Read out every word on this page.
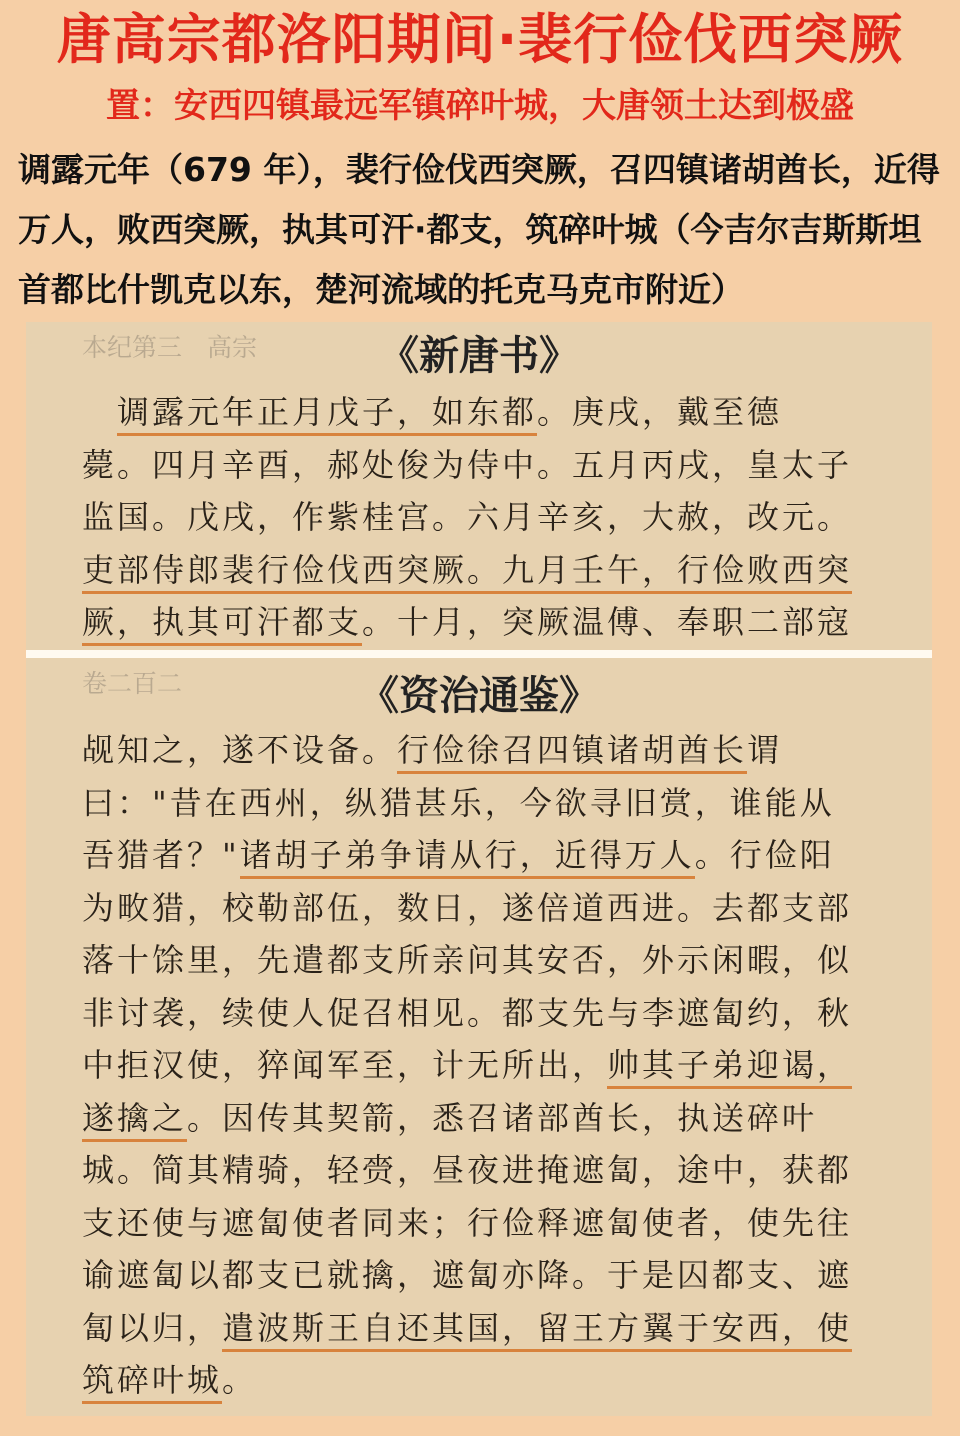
唐高宗都洛阳期间·裴行俭伐西突厥
置：安西四镇最远军镇碎叶城，大唐领土达到极盛
调露元年（679 年），裴行俭伐西突厥，召四镇诸胡酋长，近得
万人，败西突厥，执其可汗·都支，筑碎叶城（今吉尔吉斯斯坦
首都比什凯克以东，楚河流域的托克马克市附近）
本纪第三　高宗	《新唐书》
　调露元年正月戊子，如东都。庚戌，戴至德
薨。四月辛酉，郝处俊为侍中。五月丙戌，皇太子
监国。戊戌，作紫桂宫。六月辛亥，大赦，改元。
吏部侍郎裴行俭伐西突厥。九月壬午，行俭败西突
厥，执其可汗都支。十月，突厥温傅、奉职二部寇
卷二百二	《资治通鉴》
觇知之，遂不设备。行俭徐召四镇诸胡酋长谓
曰："昔在西州，纵猎甚乐，今欲寻旧赏，谁能从
吾猎者？"诸胡子弟争请从行，近得万人。行俭阳
为畋猎，校勒部伍，数日，遂倍道西进。去都支部
落十馀里，先遣都支所亲问其安否，外示闲暇，似
非讨袭，续使人促召相见。都支先与李遮匐约，秋
中拒汉使，猝闻军至，计无所出，帅其子弟迎谒，
遂擒之。因传其契箭，悉召诸部酋长，执送碎叶
城。简其精骑，轻赍，昼夜进掩遮匐，途中，获都
支还使与遮匐使者同来；行俭释遮匐使者，使先往
谕遮匐以都支已就擒，遮匐亦降。于是囚都支、遮
匐以归，遣波斯王自还其国，留王方翼于安西，使
筑碎叶城。
